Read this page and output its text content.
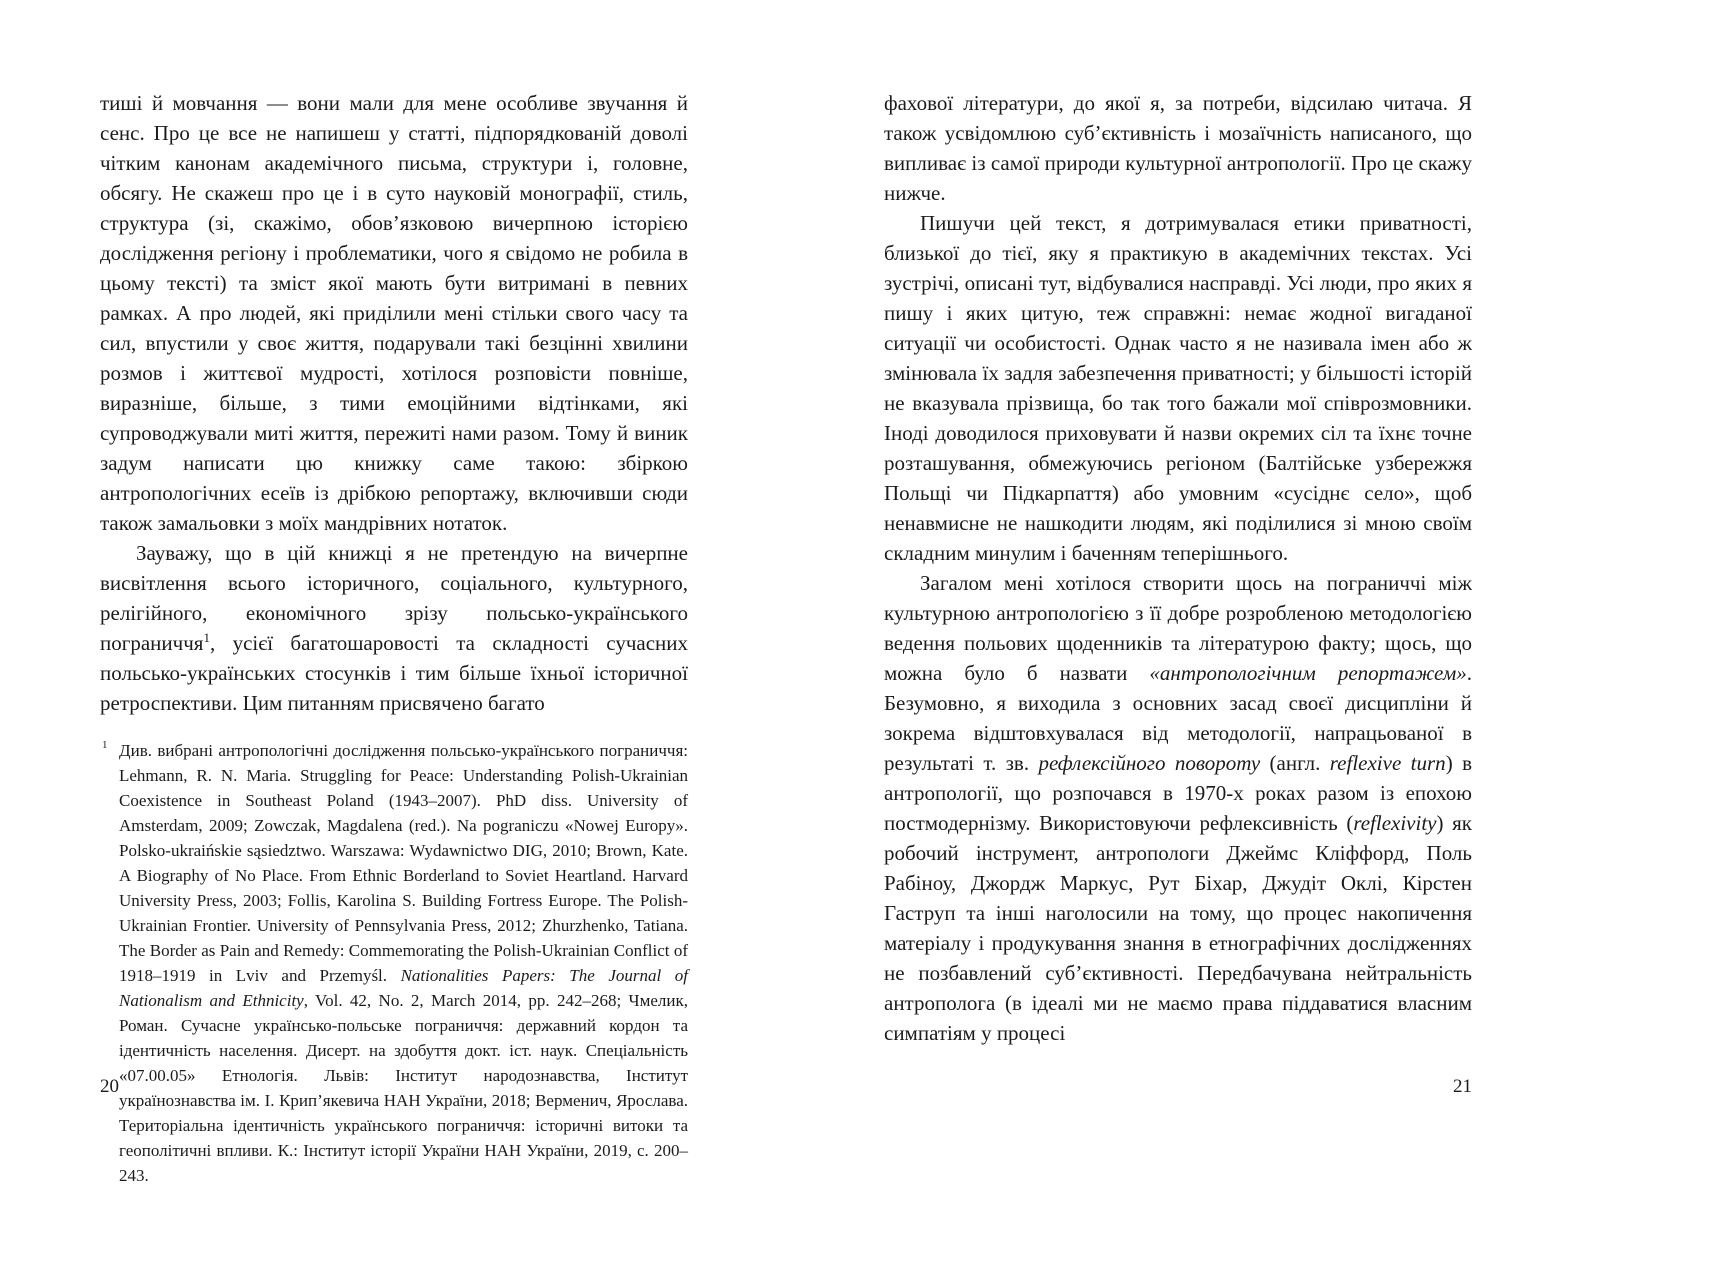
тиші й мовчання — вони мали для мене особливе звучання й сенс. Про це все не напишеш у статті, підпорядкованій доволі чітким канонам академічного письма, структури і, головне, обсягу. Не скажеш про це і в суто науковій монографії, стиль, структура (зі, скажімо, обов’язковою вичерпною історією дослідження регіону і проблематики, чого я свідомо не робила в цьому тексті) та зміст якої мають бути витримані в певних рамках. А про людей, які приділили мені стільки свого часу та сил, впустили у своє життя, подарували такі безцінні хвилини розмов і життєвої мудрості, хотілося розповісти повніше, виразніше, більше, з тими емоційними відтінками, які супроводжували миті життя, пережиті нами разом. Тому й виник задум написати цю книжку саме такою: збіркою антропологічних есеїв із дрібкою репортажу, включивши сюди також замальовки з моїх мандрівних нотаток.

Зауважу, що в цій книжці я не претендую на вичерпне висвітлення всього історичного, соціального, культурного, релігійного, економічного зрізу польсько-українського пограниччя$^1$, усієї багатошаровості та складності сучасних польсько-українських стосунків і тим більше їхньої історичної ретроспективи. Цим питанням присвячено багато

1 Див. вибрані антропологічні дослідження польсько-українського пограниччя: Lehmann, R. N. Maria. Struggling for Peace: Understanding Polish-Ukrainian Coexistence in Southeast Poland (1943–2007). PhD diss. University of Amsterdam, 2009; Zowczak, Magdalena (red.). Na pograniczu «Nowej Europy». Polsko-ukraińskie sąsiedztwo. Warszawa: Wydawnictwo DIG, 2010; Brown, Kate. A Biography of No Place. From Ethnic Borderland to Soviet Heartland. Harvard University Press, 2003; Follis, Karolina S. Building Fortress Europe. The Polish-Ukrainian Frontier. University of Pennsylvania Press, 2012; Zhurzhenko, Tatiana. The Border as Pain and Remedy: Commemorating the Polish-Ukrainian Conflict of 1918–1919 in Lviv and Przemyśl. Nationalities Papers: The Journal of Nationalism and Ethnicity, Vol. 42, No. 2, March 2014, pp. 242–268; Чмелик, Роман. Сучасне українсько-польське пограниччя: державний кордон та ідентичність населення. Дисерт. на здобуття докт. іст. наук. Спеціальність «07.00.05» Етнологія. Львів: Інститут народознавства, Інститут українознавства ім. І. Крип’якевича НАН України, 2018; Верменич, Ярослава. Територіальна ідентичність українського пограниччя: історичні витоки та геополітичні впливи. К.: Інститут історії України НАН України, 2019, с. 200–243.

фахової літератури, до якої я, за потреби, відсилаю читача. Я також усвідомлюю суб’єктивність і мозаїчність написаного, що випливає із самої природи культурної антропології. Про це скажу нижче.

Пишучи цей текст, я дотримувалася етики приватності, близької до тієї, яку я практикую в академічних текстах. Усі зустрічі, описані тут, відбувалися насправді. Усі люди, про яких я пишу і яких цитую, теж справжні: немає жодної вигаданої ситуації чи особистості. Однак часто я не називала імен або ж змінювала їх задля забезпечення приватності; у більшості історій не вказувала прізвища, бо так того бажали мої співрозмовники. Іноді доводилося приховувати й назви окремих сіл та їхнє точне розташування, обмежуючись регіоном (Балтійське узбережжя Польщі чи Підкарпаття) або умовним «сусіднє село», щоб ненавмисне не нашкодити людям, які поділилися зі мною своїм складним минулим і баченням теперішнього.

Загалом мені хотілося створити щось на пограниччі між культурною антропологією з її добре розробленою методологією ведення польових щоденників та літературою факту; щось, що можна було б назвати «антропологічним репортажем». Безумовно, я виходила з основних засад своєї дисципліни й зокрема відштовхувалася від методології, напрацьованої в результаті т. зв. рефлексійного повороту (англ. reflexive turn) в антропології, що розпочався в 1970-х роках разом із епохою постмодернізму. Використовуючи рефлексивність (reflexivity) як робочий інструмент, антропологи Джеймс Кліффорд, Поль Рабіноу, Джордж Маркус, Рут Біхар, Джудіт Оклі, Кірстен Гаструп та інші наголосили на тому, що процес накопичення матеріалу і продукування знання в етнографічних дослідженнях не позбавлений суб’єктивності. Передбачувана нейтральність антрополога (в ідеалі ми не маємо права піддаватися власним симпатіям у процесі

20	21
